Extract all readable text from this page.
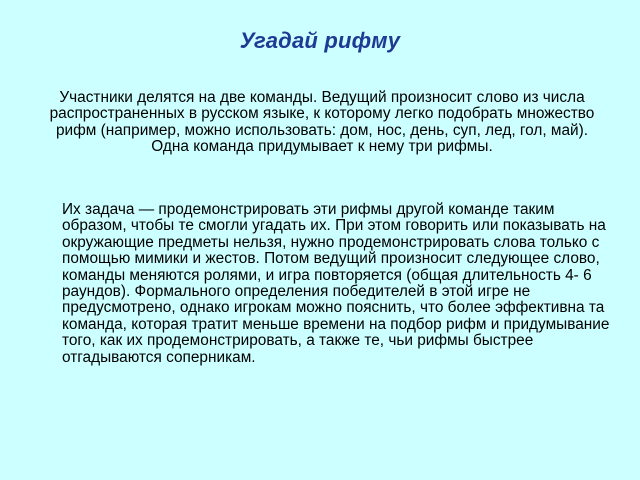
Угадай рифму
Участники делятся на две команды. Ведущий произносит слово из числа распространенных в русском языке, к которому легко подобрать множество рифм (например, можно использовать: дом, нос, день, суп, лед, гол, май). Одна команда придумывает к нему три рифмы.
Их задача — продемонстрировать эти рифмы другой команде таким образом, чтобы те смогли угадать их. При этом говорить или показывать на окружающие предметы нельзя, нужно продемонстрировать слова только с помощью мимики и жестов. Потом ведущий произносит следующее слово, команды меняются ролями, и игра повторяется (общая длительность 4- 6 раундов). Формального определения победителей в этой игре не предусмотрено, однако игрокам можно пояснить, что более эффективна та команда, которая тратит меньше времени на подбор рифм и придумывание того, как их продемонстрировать, а также те, чьи рифмы быстрее отгадываются соперникам.
